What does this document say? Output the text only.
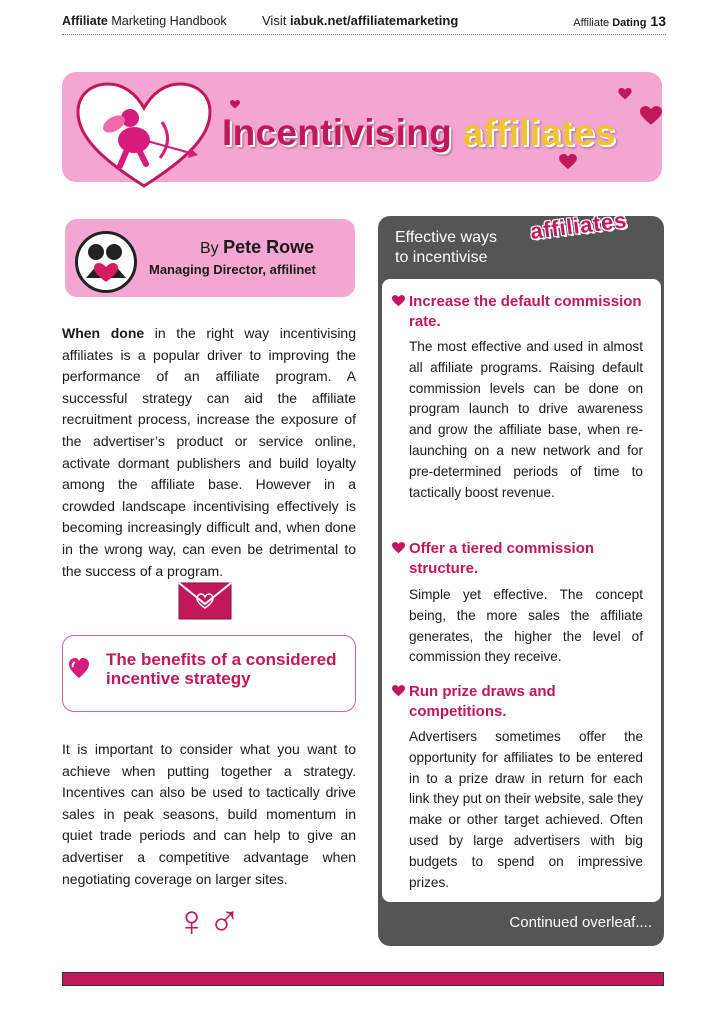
Affiliate Marketing Handbook	Visit iabuk.net/affiliatemarketing	Affiliate Dating 13
Incentivising affiliates
By Pete Rowe
Managing Director, affilinet

When done in the right way incentivising affiliates is a popular driver to improving the performance of an affiliate program. A successful strategy can aid the affiliate recruitment process, increase the exposure of the advertiser’s product or service online, activate dormant publishers and build loyalty among the affiliate base. However in a crowded landscape incentivising effectively is becoming increasingly difficult and, when done in the wrong way, can even be detrimental to the success of a program.

The benefits of a considered incentive strategy

It is important to consider what you want to achieve when putting together a strategy. Incentives can also be used to tactically drive sales in peak seasons, build momentum in quiet trade periods and can help to give an advertiser a competitive advantage when negotiating coverage on larger sites.

♀♂

Effective ways
to incentivise

affiliates
Increase the default commission rate.

The most effective and used in almost all affiliate programs. Raising default commission levels can be done on program launch to drive awareness and grow the affiliate base, when re-launching on a new network and for pre-determined periods of time to tactically boost revenue.

Offer a tiered commission structure.

Simple yet effective. The concept being, the more sales the affiliate generates, the higher the level of commission they receive.

Run prize draws and competitions.

Advertisers sometimes offer the opportunity for affiliates to be entered in to a prize draw in return for each link they put on their website, sale they make or other target achieved. Often used by large advertisers with big budgets to spend on impressive prizes.

Continued overleaf....
